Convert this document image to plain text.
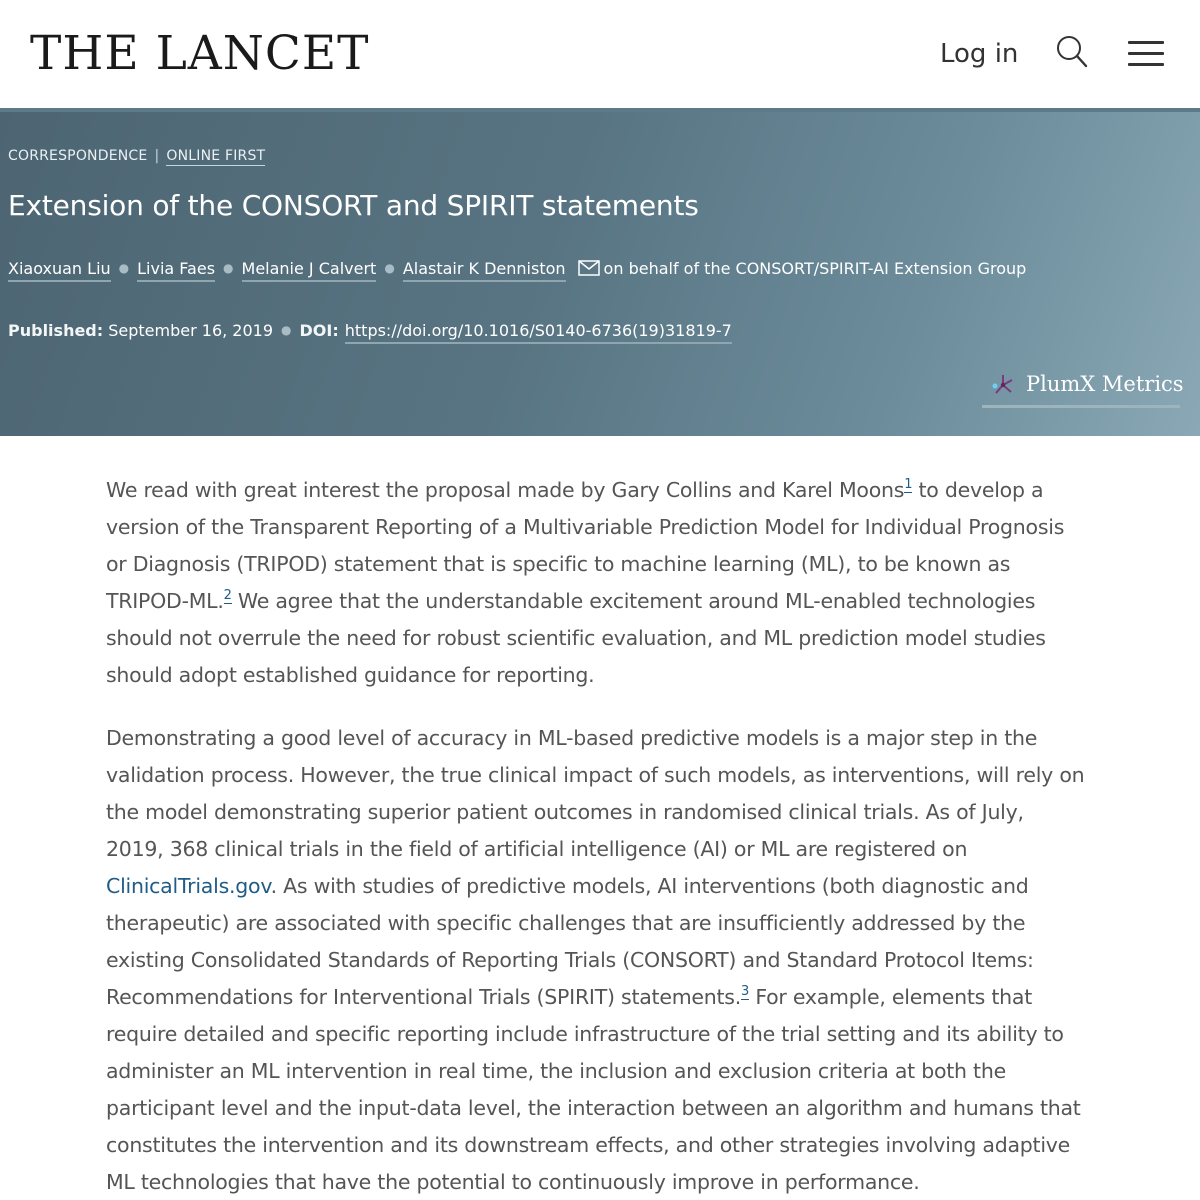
THE LANCET	Log in
CORRESPONDENCE | ONLINE FIRST
Extension of the CONSORT and SPIRIT statements
Xiaoxuan Liu ● Livia Faes ● Melanie J Calvert ● Alastair K Denniston on behalf of the CONSORT/SPIRIT-AI Extension Group
Published: September 16, 2019 ● DOI: https://doi.org/10.1016/S0140-6736(19)31819-7
PlumX Metrics

We read with great interest the proposal made by Gary Collins and Karel Moons$^1$ to develop a version of the Transparent Reporting of a Multivariable Prediction Model for Individual Prognosis or Diagnosis (TRIPOD) statement that is specific to machine learning (ML), to be known as TRIPOD-ML.$^2$ We agree that the understandable excitement around ML-enabled technologies should not overrule the need for robust scientific evaluation, and ML prediction model studies should adopt established guidance for reporting.

Demonstrating a good level of accuracy in ML-based predictive models is a major step in the validation process. However, the true clinical impact of such models, as interventions, will rely on the model demonstrating superior patient outcomes in randomised clinical trials. As of July, 2019, 368 clinical trials in the field of artificial intelligence (AI) or ML are registered on ClinicalTrials.gov. As with studies of predictive models, AI interventions (both diagnostic and therapeutic) are associated with specific challenges that are insufficiently addressed by the existing Consolidated Standards of Reporting Trials (CONSORT) and Standard Protocol Items: Recommendations for Interventional Trials (SPIRIT) statements.$^3$ For example, elements that require detailed and specific reporting include infrastructure of the trial setting and its ability to administer an ML intervention in real time, the inclusion and exclusion criteria at both the participant level and the input-data level, the interaction between an algorithm and humans that constitutes the intervention and its downstream effects, and other strategies involving adaptive ML technologies that have the potential to continuously improve in performance.
